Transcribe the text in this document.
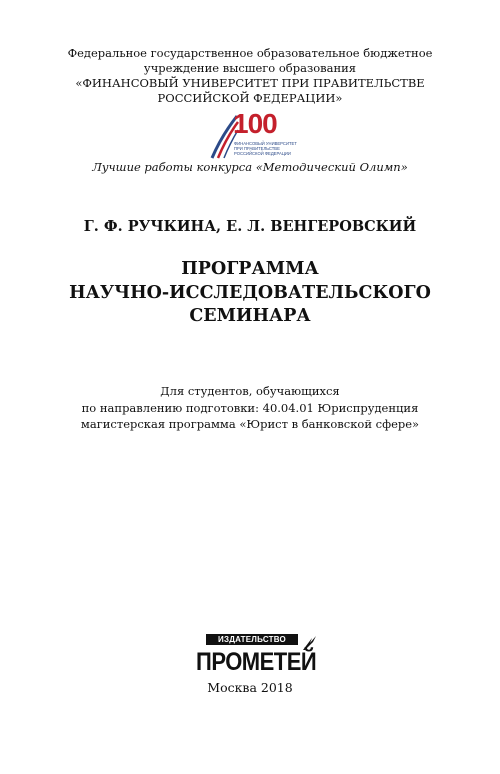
Федеральное государственное образовательное бюджетное
учреждение высшего образования
«ФИНАНСОВЫЙ УНИВЕРСИТЕТ ПРИ ПРАВИТЕЛЬСТВЕ
РОССИЙСКОЙ ФЕДЕРАЦИИ»
100
ФИНАНСОВЫЙ УНИВЕРСИТЕТ
ПРИ ПРАВИТЕЛЬСТВЕ
РОССИЙСКОЙ ФЕДЕРАЦИИ
Лучшие работы конкурса «Методический Олимп»
Г. Ф. РУЧКИНА, Е. Л. ВЕНГЕРОВСКИЙ
ПРОГРАММА
НАУЧНО-ИССЛЕДОВАТЕЛЬСКОГО
СЕМИНАРА
Для студентов, обучающихся
по направлению подготовки: 40.04.01 Юриспруденция
магистерская программа «Юрист в банковской сфере»
ИЗДАТЕЛЬСТВО
ПРОМЕТЕЙ
Москва 2018
